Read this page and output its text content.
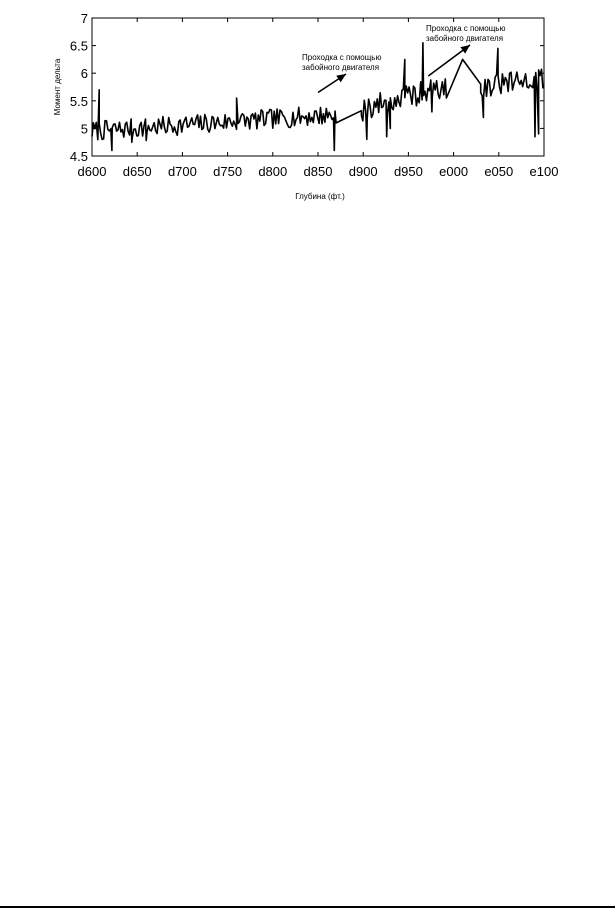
4.5
5
5.5
6
6.5
7
d600 d650 d700 d750 d800 d850 d900 d950 e000 e050 e100
Проходка с помощью
забойного двигателя
Проходка с помощью
забойного двигателя
Момент дельта
Глубина (фт.)
